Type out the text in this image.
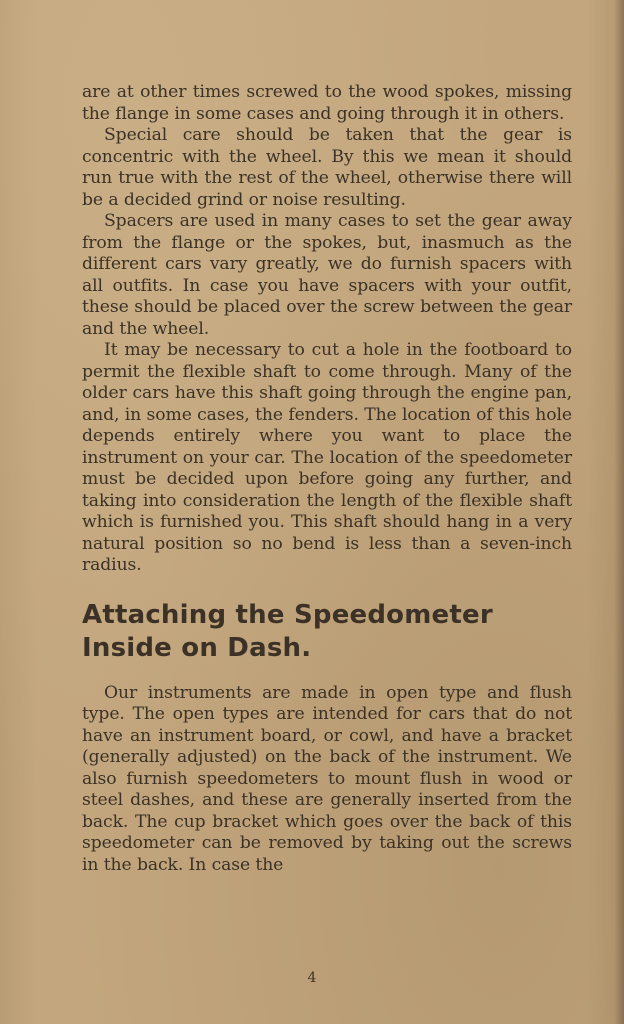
are at other times screwed to the wood spokes, missing the flange in some cases and going through it in others.

Special care should be taken that the gear is concentric with the wheel. By this we mean it should run true with the rest of the wheel, otherwise there will be a decided grind or noise resulting.

Spacers are used in many cases to set the gear away from the flange or the spokes, but, inasmuch as the different cars vary greatly, we do furnish spacers with all outfits. In case you have spacers with your outfit, these should be placed over the screw between the gear and the wheel.

It may be necessary to cut a hole in the footboard to permit the flexible shaft to come through. Many of the older cars have this shaft going through the engine pan, and, in some cases, the fenders. The location of this hole depends entirely where you want to place the instrument on your car. The location of the speedometer must be decided upon before going any further, and taking into consideration the length of the flexible shaft which is furnished you. This shaft should hang in a very natural position so no bend is less than a seven-inch radius.

Attaching the Speedometer
Inside on Dash.

Our instruments are made in open type and flush type. The open types are intended for cars that do not have an instrument board, or cowl, and have a bracket (generally adjusted) on the back of the instrument. We also furnish speedometers to mount flush in wood or steel dashes, and these are generally inserted from the back. The cup bracket which goes over the back of this speedometer can be removed by taking out the screws in the back. In case the

4
